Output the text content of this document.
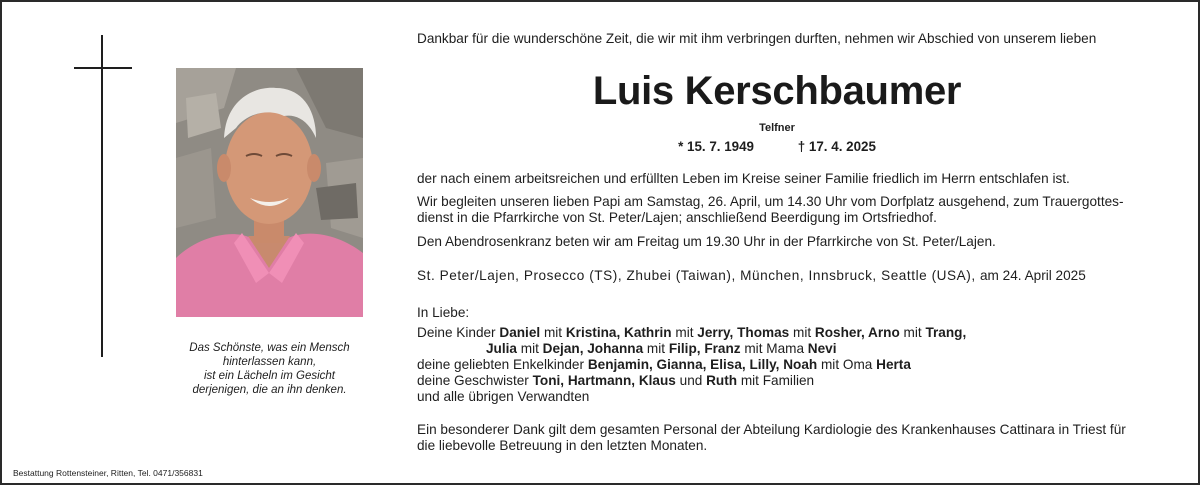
Das Schönste, was ein Mensch
hinterlassen kann,
ist ein Lächeln im Gesicht
derjenigen, die an ihn denken.
Bestattung Rottensteiner, Ritten, Tel. 0471/356831

Dankbar für die wunderschöne Zeit, die wir mit ihm verbringen durften, nehmen wir Abschied von unserem lieben

Luis Kerschbaumer
Telfner
* 15. 7. 1949	† 17. 4. 2025

der nach einem arbeitsreichen und erfüllten Leben im Kreise seiner Familie friedlich im Herrn entschlafen ist.

Wir begleiten unseren lieben Papi am Samstag, 26. April, um 14.30 Uhr vom Dorfplatz ausgehend, zum Trauergottes-

dienst in die Pfarrkirche von St. Peter/Lajen; anschließend Beerdigung im Ortsfriedhof.

Den Abendrosenkranz beten wir am Freitag um 19.30 Uhr in der Pfarrkirche von St. Peter/Lajen.

St. Peter/Lajen, Prosecco (TS), Zhubei (Taiwan), München, Innsbruck, Seattle (USA), am 24. April 2025

In Liebe:

Deine Kinder Daniel mit Kristina, Kathrin mit Jerry, Thomas mit Rosher, Arno mit Trang,
Julia mit Dejan, Johanna mit Filip, Franz mit Mama Nevi
deine geliebten Enkelkinder Benjamin, Gianna, Elisa, Lilly, Noah mit Oma Herta
deine Geschwister Toni, Hartmann, Klaus und Ruth mit Familien
und alle übrigen Verwandten

Ein besonderer Dank gilt dem gesamten Personal der Abteilung Kardiologie des Krankenhauses Cattinara in Triest für

die liebevolle Betreuung in den letzten Monaten.
